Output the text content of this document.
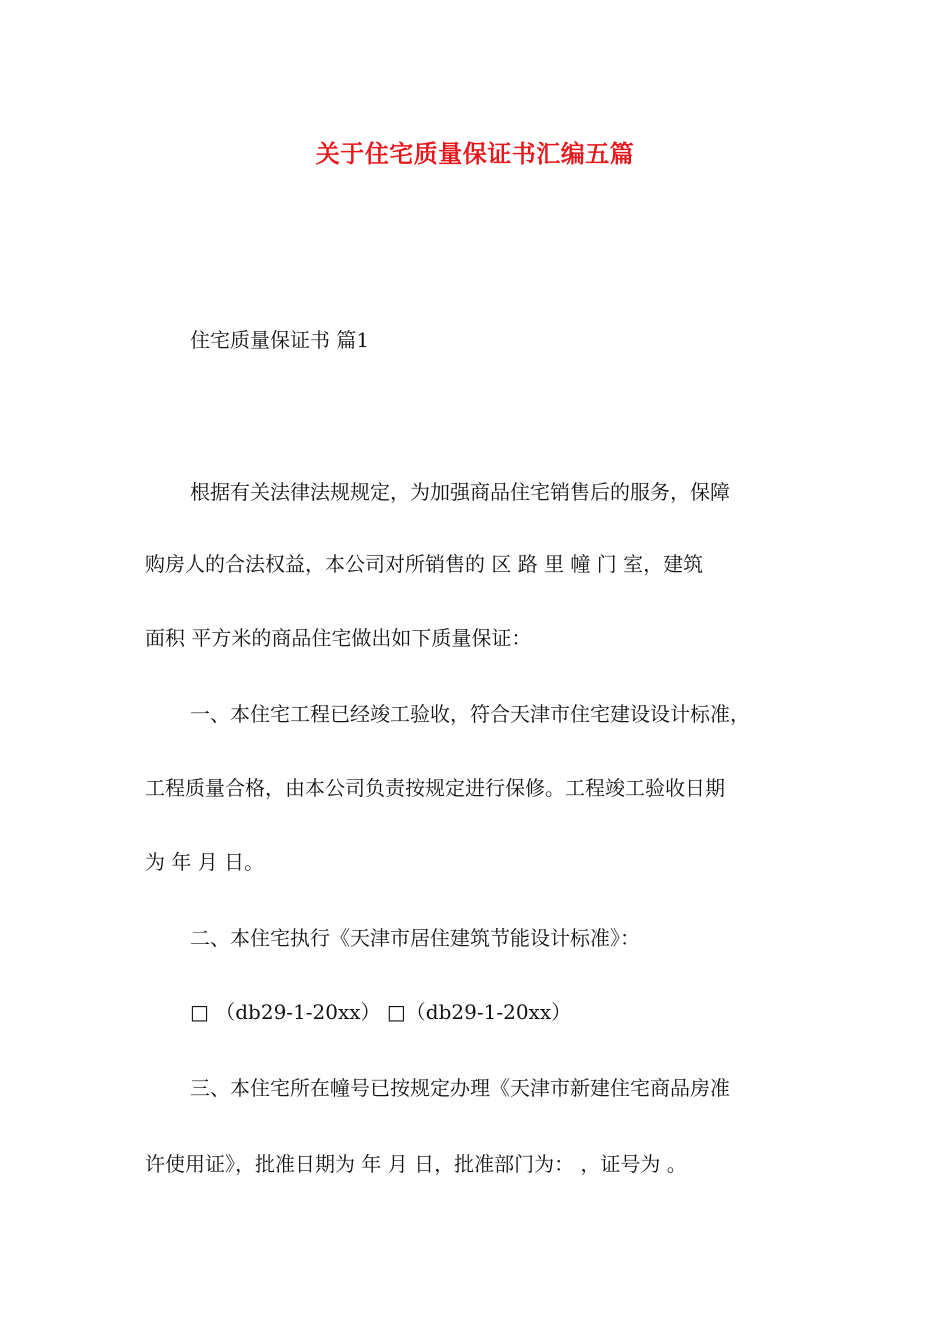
关于住宅质量保证书汇编五篇
住宅质量保证书 篇1
根据有关法律法规规定，为加强商品住宅销售后的服务，保障
购房人的合法权益，本公司对所销售的 区 路 里 幢 门 室，建筑
面积 平方米的商品住宅做出如下质量保证：
一、本住宅工程已经竣工验收，符合天津市住宅建设设计标准，
工程质量合格，由本公司负责按规定进行保修。工程竣工验收日期
为 年 月 日。
二、本住宅执行《天津市居住建筑节能设计标准》：
□ （db29-1-20xx） □（db29-1-20xx）
三、本住宅所在幢号已按规定办理《天津市新建住宅商品房准
许使用证》，批准日期为 年 月 日，批准部门为： ，证号为 。
